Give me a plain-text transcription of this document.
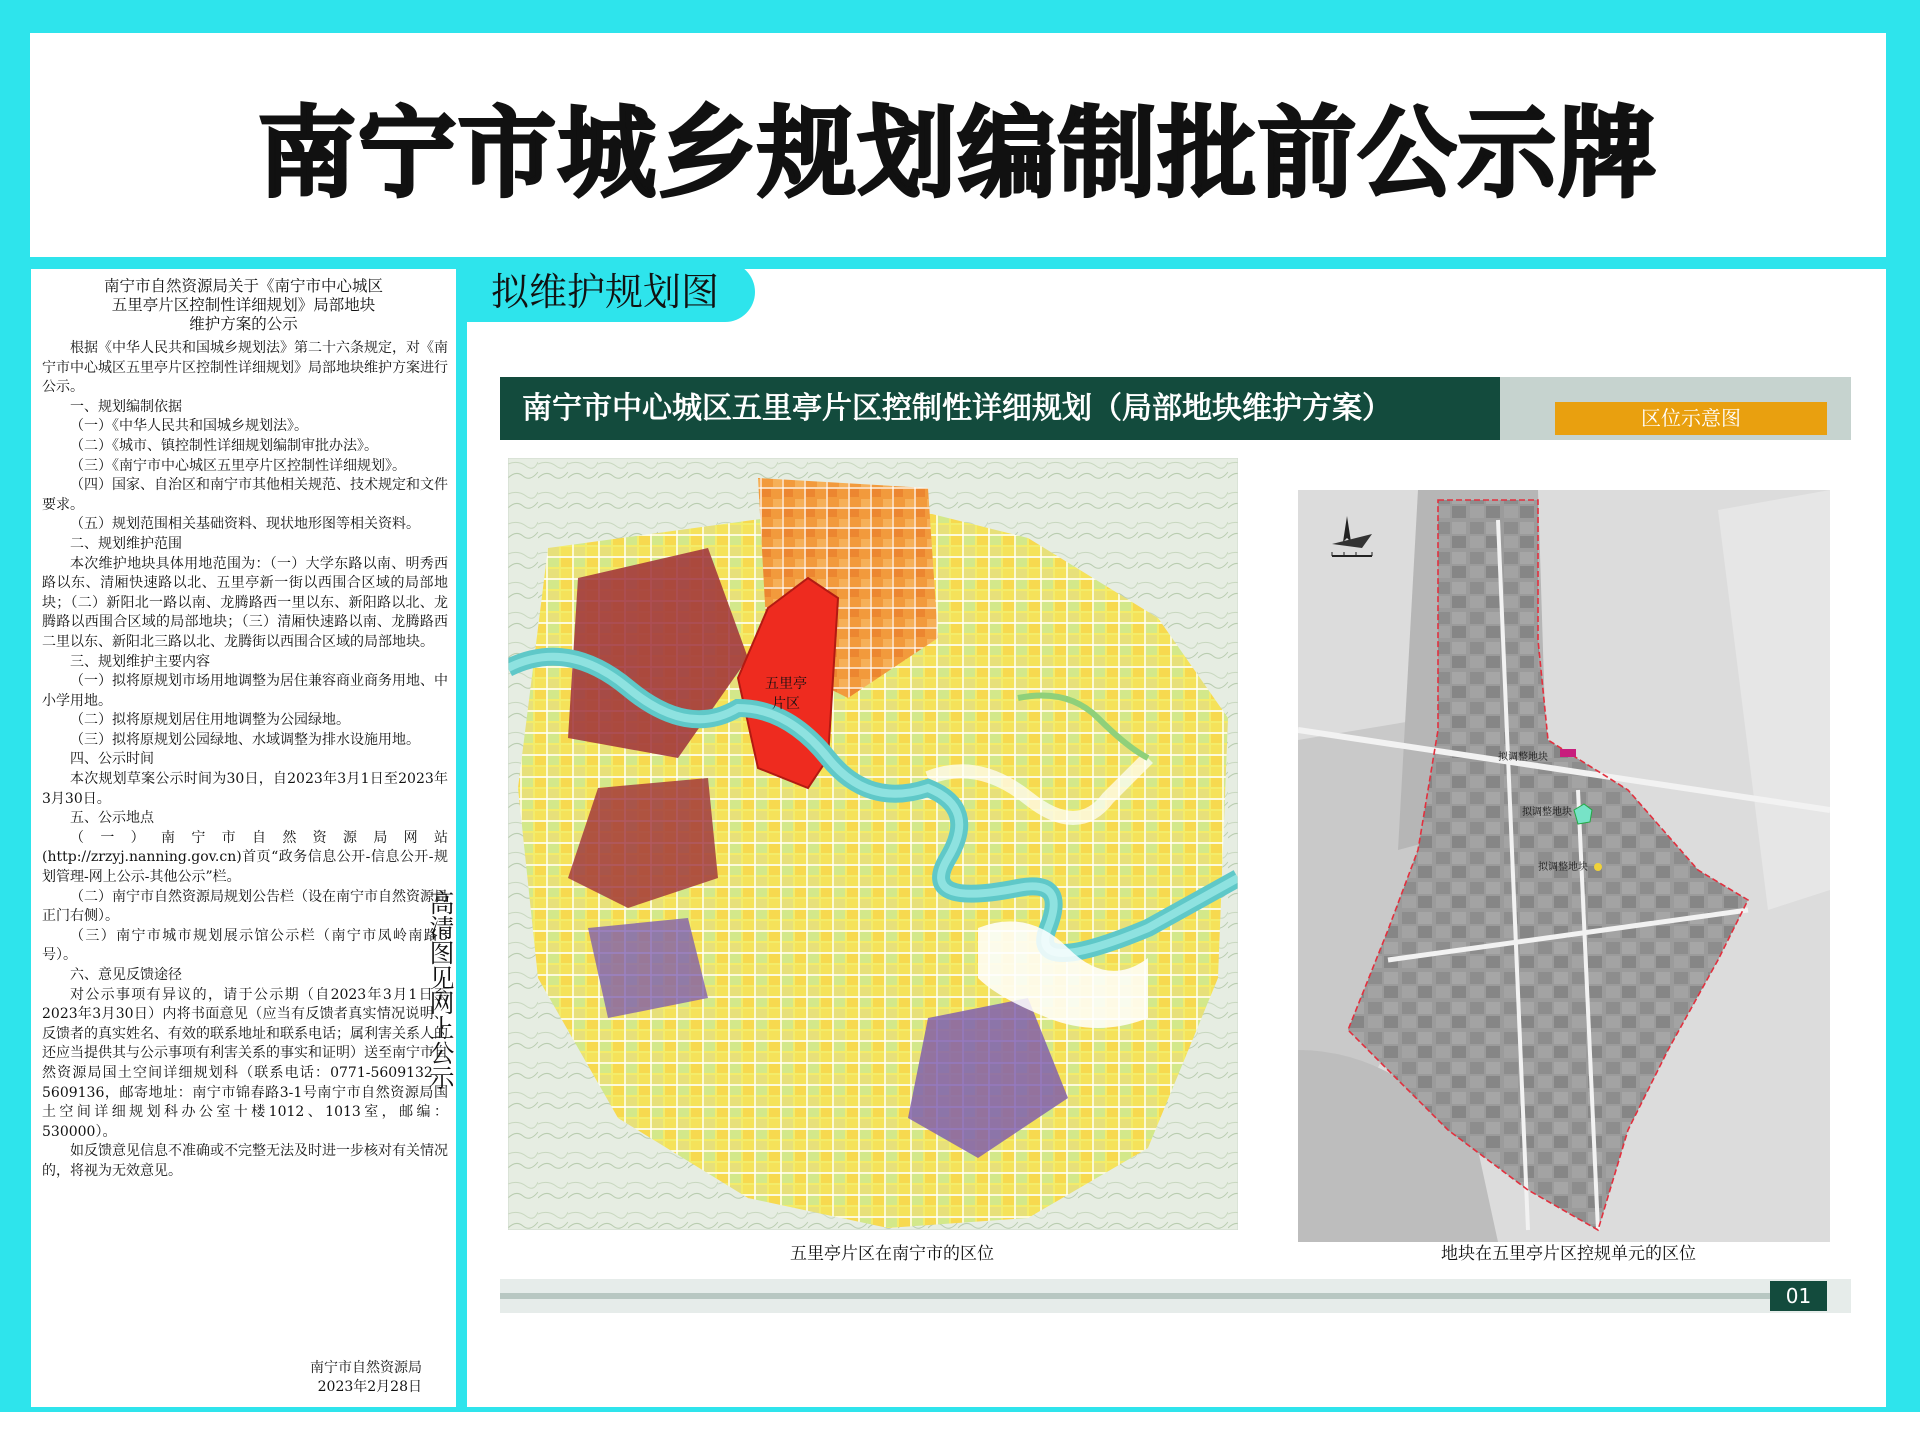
南宁市城乡规划编制批前公示牌
南宁市自然资源局关于《南宁市中心城区
五里亭片区控制性详细规划》局部地块
维护方案的公示

根据《中华人民共和国城乡规划法》第二十六条规定，对《南宁市中心城区五里亭片区控制性详细规划》局部地块维护方案进行公示。

一、规划编制依据

（一）《中华人民共和国城乡规划法》。

（二）《城市、镇控制性详细规划编制审批办法》。

（三）《南宁市中心城区五里亭片区控制性详细规划》。

（四）国家、自治区和南宁市其他相关规范、技术规定和文件要求。

（五）规划范围相关基础资料、现状地形图等相关资料。

二、规划维护范围

本次维护地块具体用地范围为：（一）大学东路以南、明秀西路以东、清厢快速路以北、五里亭新一街以西围合区域的局部地块；（二）新阳北一路以南、龙腾路西一里以东、新阳路以北、龙腾路以西围合区域的局部地块；（三）清厢快速路以南、龙腾路西二里以东、新阳北三路以北、龙腾街以西围合区域的局部地块。

三、规划维护主要内容

（一）拟将原规划市场用地调整为居住兼容商业商务用地、中小学用地。

（二）拟将原规划居住用地调整为公园绿地。

（三）拟将原规划公园绿地、水域调整为排水设施用地。

四、公示时间

本次规划草案公示时间为30日，自2023年3月1日至2023年3月30日。

五、公示地点

（一）南宁市自然资源局网站(http://zrzyj.nanning.gov.cn)首页“政务信息公开-信息公开-规划管理-网上公示-其他公示”栏。

（二）南宁市自然资源局规划公告栏（设在南宁市自然资源局正门右侧）。

（三）南宁市城市规划展示馆公示栏（南宁市凤岭南路3号）。

六、意见反馈途径

对公示事项有异议的，请于公示期（自2023年3月1日至2023年3月30日）内将书面意见（应当有反馈者真实情况说明、反馈者的真实姓名、有效的联系地址和联系电话；属利害关系人的还应当提供其与公示事项有利害关系的事实和证明）送至南宁市自然资源局国土空间详细规划科（联系电话：0771-5609132、5609136，邮寄地址：南宁市锦春路3-1号南宁市自然资源局国土空间详细规划科办公室十楼1012、1013室，邮编：530000）。

如反馈意见信息不准确或不完整无法及时进一步核对有关情况的，将视为无效意见。

南宁市自然资源局
2023年2月28日
高清图见网上公示
拟维护规划图
南宁市中心城区五里亭片区控制性详细规划（局部地块维护方案）	区位示意图
五里亭
片区
拟调整地块
拟调整地块
拟调整地块
五里亭片区在南宁市的区位	地块在五里亭片区控规单元的区位
01
